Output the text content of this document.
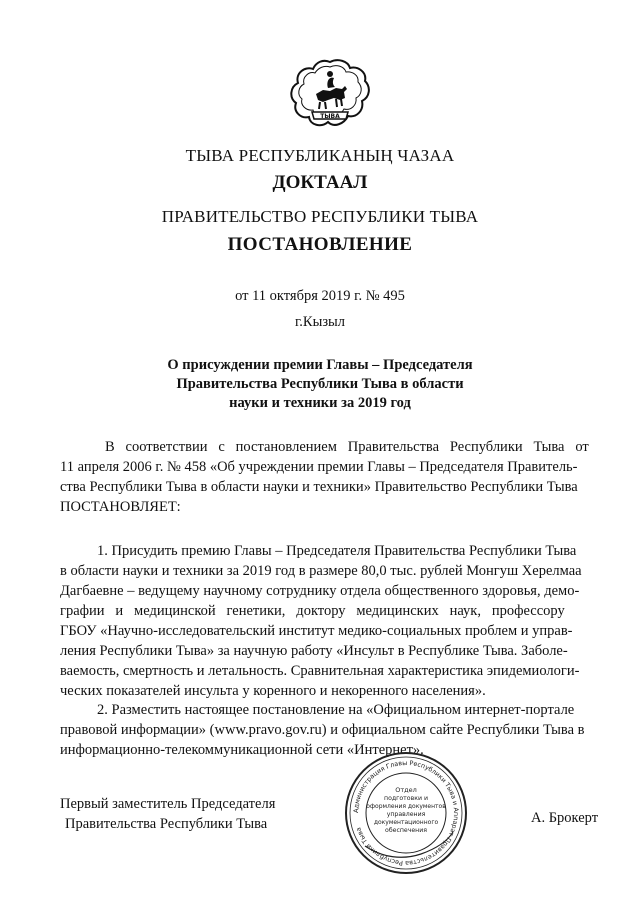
ТЫВА
ТЫВА РЕСПУБЛИКАНЫҢ ЧАЗАА
ДОКТААЛ
ПРАВИТЕЛЬСТВО РЕСПУБЛИКИ ТЫВА
ПОСТАНОВЛЕНИЕ
от 11 октября 2019 г. № 495
г.Кызыл
О присуждении премии Главы – Председателя
Правительства Республики Тыва в области
науки и техники за 2019 год
В   соответствии   с   постановлением   Правительства   Республики   Тыва   от
11 апреля 2006 г. № 458 «Об учреждении премии Главы – Председателя Правитель-
ства Республики Тыва в области науки и техники» Правительство Республики Тыва
ПОСТАНОВЛЯЕТ:
1. Присудить премию Главы – Председателя Правительства Республики Тыва
в области науки и техники за 2019 год в размере 80,0 тыс. рублей Монгуш Херелмаа
Дагбаевне – ведущему научному сотруднику отдела общественного здоровья, демо-
графии   и   медицинской   генетики,   доктору   медицинских   наук,   профессору
ГБОУ «Научно-исследовательский институт медико-социальных проблем и управ-
ления Республики Тыва» за научную работу «Инсульт в Республике Тыва. Заболе-
ваемость, смертность и летальность. Сравнительная характеристика эпидемиологи-
ческих показателей инсульта у коренного и некоренного населения».
2. Разместить настоящее постановление на «Официальном интернет-портале
правовой информации» (www.pravo.gov.ru) и официальном сайте Республики Тыва в
информационно-телекоммуникационной сети «Интернет».
Первый заместитель Председателя
Правительства Республики Тыва
Администрация Главы Республики Тыва и Аппарат Правительства Республики Тыва
Отдел
подготовки и
оформления документов
управления
документационного
обеспечения
А. Брокерт
